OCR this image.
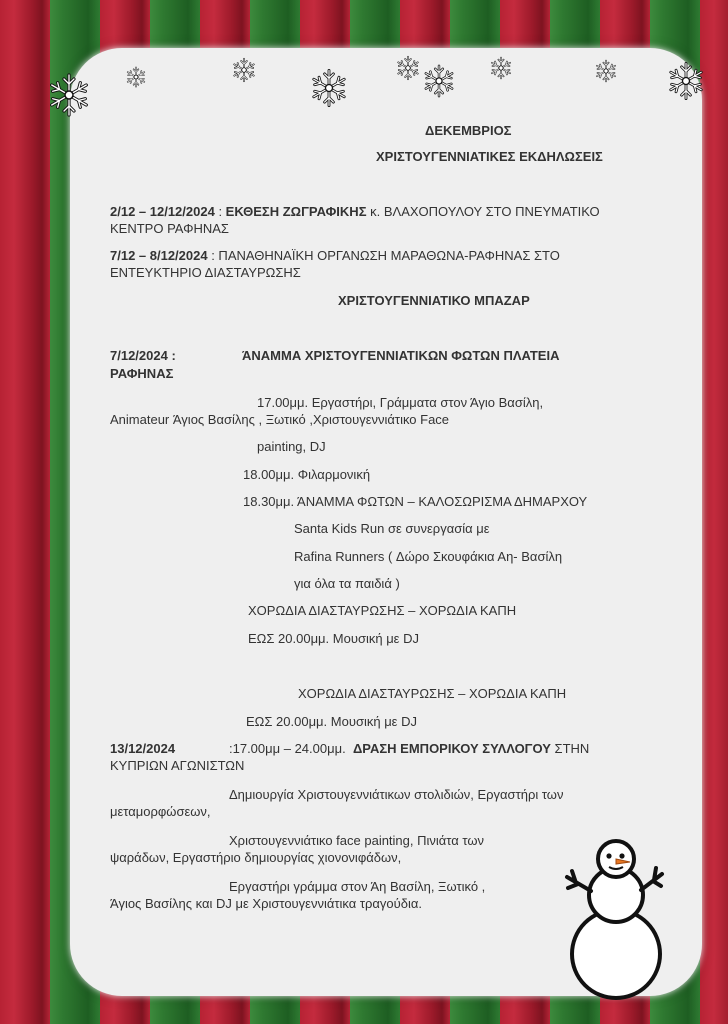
ΔΕΚΕΜΒΡΙΟΣ
ΧΡΙΣΤΟΥΓΕΝΝΙΑΤΙΚΕΣ ΕΚΔΗΛΩΣΕΙΣ
2/12 – 12/12/2024 : ΕΚΘΕΣΗ ΖΩΓΡΑΦΙΚΗΣ κ. ΒΛΑΧΟΠΟΥΛΟΥ ΣΤΟ ΠΝΕΥΜΑΤΙΚΟ
ΚΕΝΤΡΟ ΡΑΦΗΝΑΣ
7/12 – 8/12/2024 : ΠΑΝΑΘΗΝΑΪΚΗ ΟΡΓΑΝΩΣΗ ΜΑΡΑΘΩΝΑ-ΡΑΦΗΝΑΣ ΣΤΟ
ΕΝΤΕΥΚΤΗΡΙΟ ΔΙΑΣΤΑΥΡΩΣΗΣ
ΧΡΙΣΤΟΥΓΕΝΝΙΑΤΙΚΟ ΜΠΑΖΑΡ
7/12/2024 :	ΆΝΑΜΜΑ ΧΡΙΣΤΟΥΓΕΝΝΙΑΤΙΚΩΝ ΦΩΤΩΝ ΠΛΑΤΕΙΑ
ΡΑΦΗΝΑΣ
17.00μμ. Εργαστήρι, Γράμματα στον Άγιο Βασίλη,
Animateur Άγιος Βασίλης , Ξωτικό ,Χριστουγεννιάτικο Face
painting, DJ
18.00μμ. Φιλαρμονική
18.30μμ. ΆΝΑΜΜΑ ΦΩΤΩΝ – ΚΑΛΟΣΩΡΙΣΜΑ ΔΗΜΑΡΧΟΥ
Santa Kids Run σε συνεργασία με
Rafina Runners ( Δώρο Σκουφάκια Αη- Βασίλη
για όλα τα παιδιά )
ΧΟΡΩΔΙΑ ΔΙΑΣΤΑΥΡΩΣΗΣ – ΧΟΡΩΔΙΑ ΚΑΠΗ
ΕΩΣ 20.00μμ. Μουσική με DJ
ΧΟΡΩΔΙΑ ΔΙΑΣΤΑΥΡΩΣΗΣ – ΧΟΡΩΔΙΑ ΚΑΠΗ
ΕΩΣ 20.00μμ. Μουσική με DJ
13/12/2024	:17.00μμ – 24.00μμ. ΔΡΑΣΗ ΕΜΠΟΡΙΚΟΥ ΣΥΛΛΟΓΟΥ ΣΤΗΝ
ΚΥΠΡΙΩΝ ΑΓΩΝΙΣΤΩΝ
Δημιουργία Χριστουγεννιάτικων στολιδιών, Εργαστήρι των
μεταμορφώσεων,
Χριστουγεννιάτικο face painting, Πινιάτα των
ψαράδων, Εργαστήριο δημιουργίας χιονονιφάδων,
Εργαστήρι γράμμα στον Άη Βασίλη, Ξωτικό ,
Άγιος Βασίλης και DJ με Χριστουγεννιάτικα τραγούδια.
